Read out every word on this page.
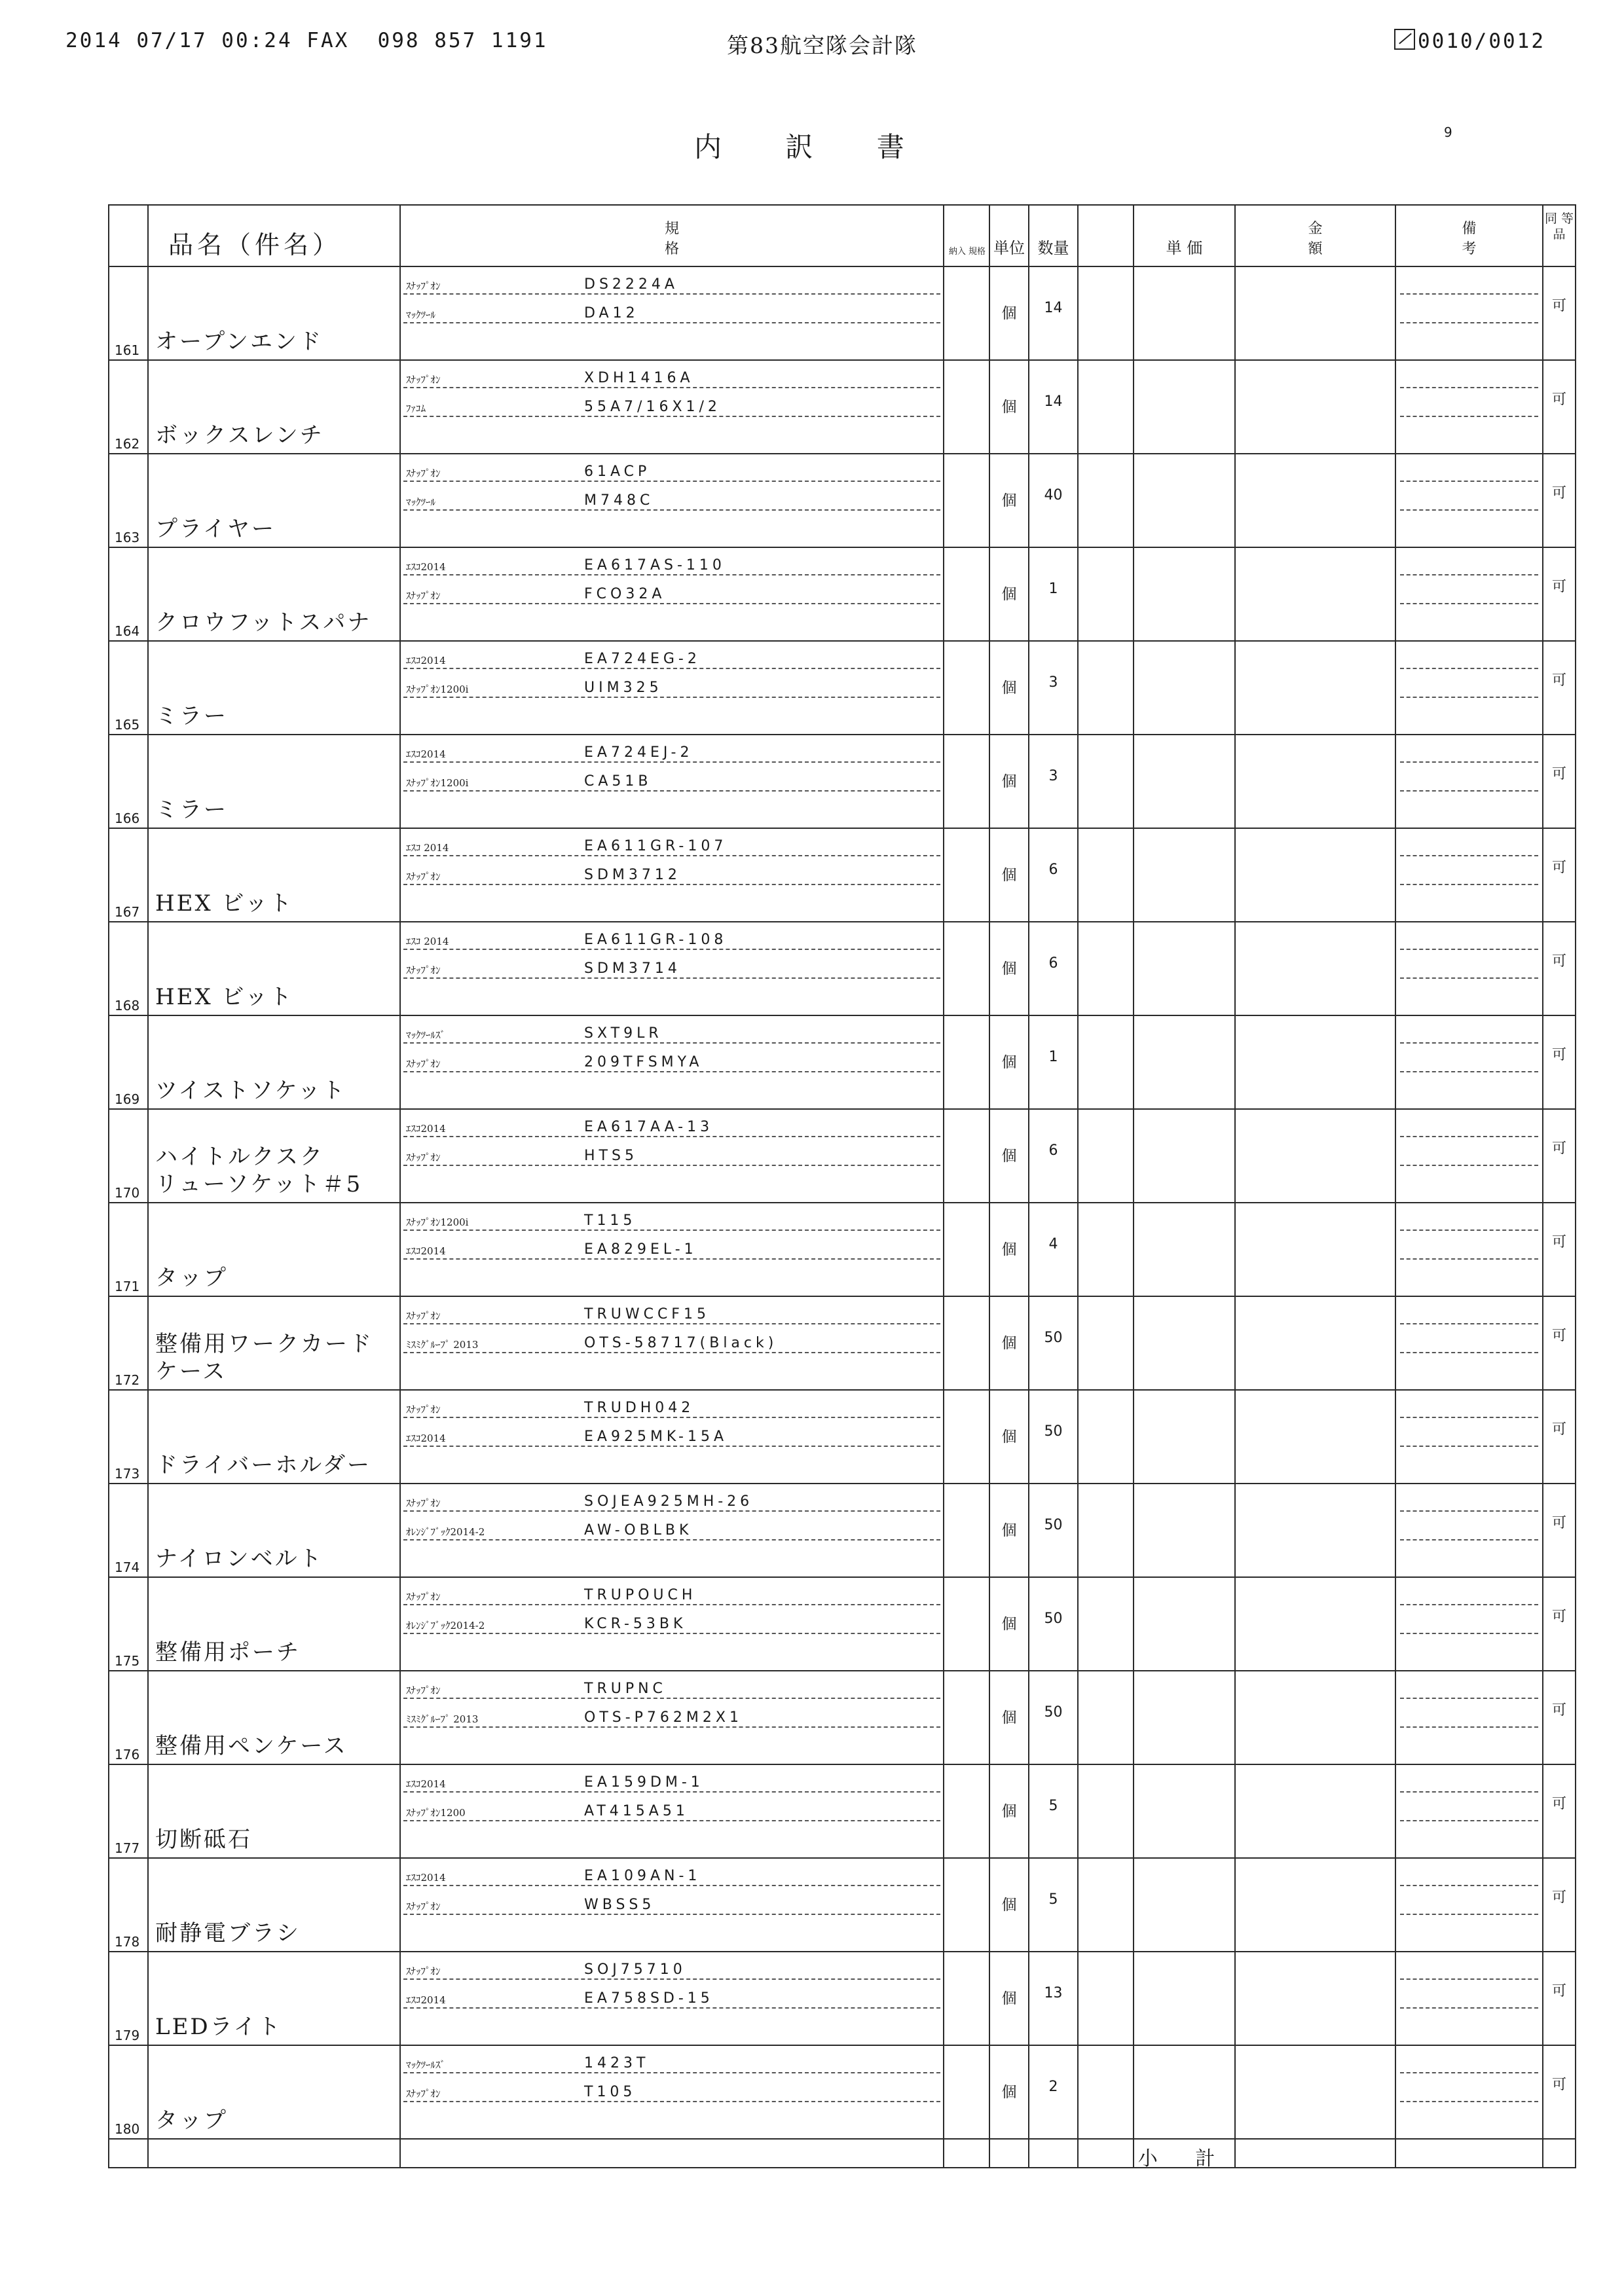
2014 07/17 00:24 FAX  098 857 1191	第83航空隊会計隊	0010/0012
内 訳 書	9

	品名（件名）	規 格	納入 規格	単位	数量		単 価	金 額	備 考	同 等 品

161	オープンエンド	ｽﾅｯﾌﾟｵﾝ DS2224A
ﾏｯｸﾂｰﾙ DA12		個	14					可

162	ボックスレンチ	ｽﾅｯﾌﾟｵﾝ XDH1416A
ﾌｧｺﾑ 55A7/16X1/2		個	14					可

163	プライヤー	ｽﾅｯﾌﾟｵﾝ 61ACP
ﾏｯｸﾂｰﾙ M748C		個	40					可

164	クロウフットスパナ	ｴｽｺ2014 EA617AS-110
ｽﾅｯﾌﾟｵﾝ FCO32A		個	1					可

165	ミラー	ｴｽｺ2014 EA724EG-2
ｽﾅｯﾌﾟｵﾝ1200i UIM325		個	3					可

166	ミラー	ｴｽｺ2014 EA724EJ-2
ｽﾅｯﾌﾟｵﾝ1200i CA51B		個	3					可

167	HEX ビット	ｴｽｺ 2014 EA611GR-107
ｽﾅｯﾌﾟｵﾝ SDM3712		個	6					可

168	HEX ビット	ｴｽｺ 2014 EA611GR-108
ｽﾅｯﾌﾟｵﾝ SDM3714		個	6					可

169	ツイストソケット	ﾏｯｸﾂｰﾙｽﾞ SXT9LR
ｽﾅｯﾌﾟｵﾝ 209TFSMYA		個	1					可

170	ハイトルクスク
リューソケット＃5	ｴｽｺ2014 EA617AA-13
ｽﾅｯﾌﾟｵﾝ HTS5		個	6					可

171	タップ	ｽﾅｯﾌﾟｵﾝ1200i T115
ｴｽｺ2014 EA829EL-1		個	4					可

172	整備用ワークカード
ケース	ｽﾅｯﾌﾟｵﾝ TRUWCCF15
ﾐｽﾐｸﾞﾙｰﾌﾟ 2013 OTS-58717(Black)		個	50					可

173	ドライバーホルダー	ｽﾅｯﾌﾟｵﾝ TRUDH042
ｴｽｺ2014 EA925MK-15A		個	50					可

174	ナイロンベルト	ｽﾅｯﾌﾟｵﾝ SOJEA925MH-26
ｵﾚﾝｼﾞﾌﾞｯｸ2014-2 AW-OBLBK		個	50					可

175	整備用ポーチ	ｽﾅｯﾌﾟｵﾝ TRUPOUCH
ｵﾚﾝｼﾞﾌﾞｯｸ2014-2 KCR-53BK		個	50					可

176	整備用ペンケース	ｽﾅｯﾌﾟｵﾝ TRUPNC
ﾐｽﾐｸﾞﾙｰﾌﾟ 2013 OTS-P762M2X1		個	50					可

177	切断砥石	ｴｽｺ2014 EA159DM-1
ｽﾅｯﾌﾟｵﾝ1200 AT415A51		個	5					可

178	耐静電ブラシ	ｴｽｺ2014 EA109AN-1
ｽﾅｯﾌﾟｵﾝ WBSS5		個	5					可

179	LEDライト	ｽﾅｯﾌﾟｵﾝ SOJ75710
ｴｽｺ2014 EA758SD-15		個	13					可

180	タップ	ﾏｯｸﾂｰﾙｽﾞ 1423T
ｽﾅｯﾌﾟｵﾝ T105		個	2					可

							小 計			
